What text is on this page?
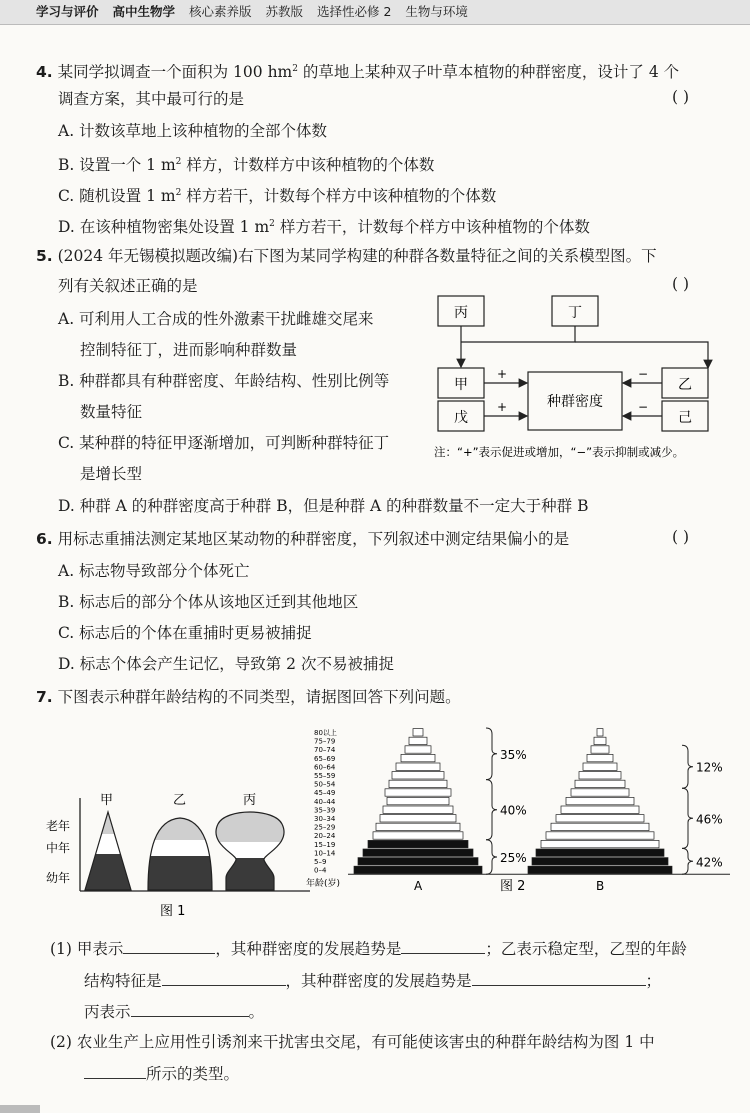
学习与评价 高中生物学 核心素养版 苏教版 选择性必修 2 生物与环境
4. 某同学拟调查一个面积为 100 $hm^2$ 的草地上某种双子叶草本植物的种群密度，设计了 4 个
调查方案，其中最可行的是	( )
A. 计数该草地上该种植物的全部个体数
B. 设置一个 1 $m^2$ 样方，计数样方中该种植物的个体数
C. 随机设置 1 $m^2$ 样方若干，计数每个样方中该种植物的个体数
D. 在该种植物密集处设置 1 $m^2$ 样方若干，计数每个样方中该种植物的个体数
5. (2024 年无锡模拟题改编)右下图为某同学构建的种群各数量特征之间的关系模型图。下
列有关叙述正确的是	( )
A. 可利用人工合成的性外激素干扰雌雄交尾来
控制特征丁，进而影响种群数量
B. 种群都具有种群密度、年龄结构、性别比例等
数量特征
C. 某种群的特征甲逐渐增加，可判断种群特征丁
是增长型
D. 种群 A 的种群密度高于种群 B，但是种群 A 的种群数量不一定大于种群 B
丙	丁
甲
戊
种群密度
乙
己
+
+
−
−
注：“+”表示促进或增加，“−”表示抑制或减少。
6. 用标志重捕法测定某地区某动物的种群密度，下列叙述中测定结果偏小的是	( )
A. 标志物导致部分个体死亡
B. 标志后的部分个体从该地区迁到其他地区
C. 标志后的个体在重捕时更易被捕捉
D. 标志个体会产生记忆，导致第 2 次不易被捕捉
7. 下图表示种群年龄结构的不同类型，请据图回答下列问题。
甲	乙	丙
老年
中年
幼年
图 1
80以上
75–79
70–74
65–69
60–64
55–59
50–54
45–49
40–44
35–39
30–34
25–29
20–24
15–19
10–14
5–9
0–4
年龄(岁)
35%
40%
25%
12%
46%
42%
A	B
图 2
(1) 甲表示	，其种群密度的发展趋势是	；乙表示稳定型，乙型的年龄
结构特征是	，其种群密度的发展趋势是	；
丙表示	。
(2) 农业生产上应用性引诱剂来干扰害虫交尾，有可能使该害虫的种群年龄结构为图 1 中
所示的类型。
